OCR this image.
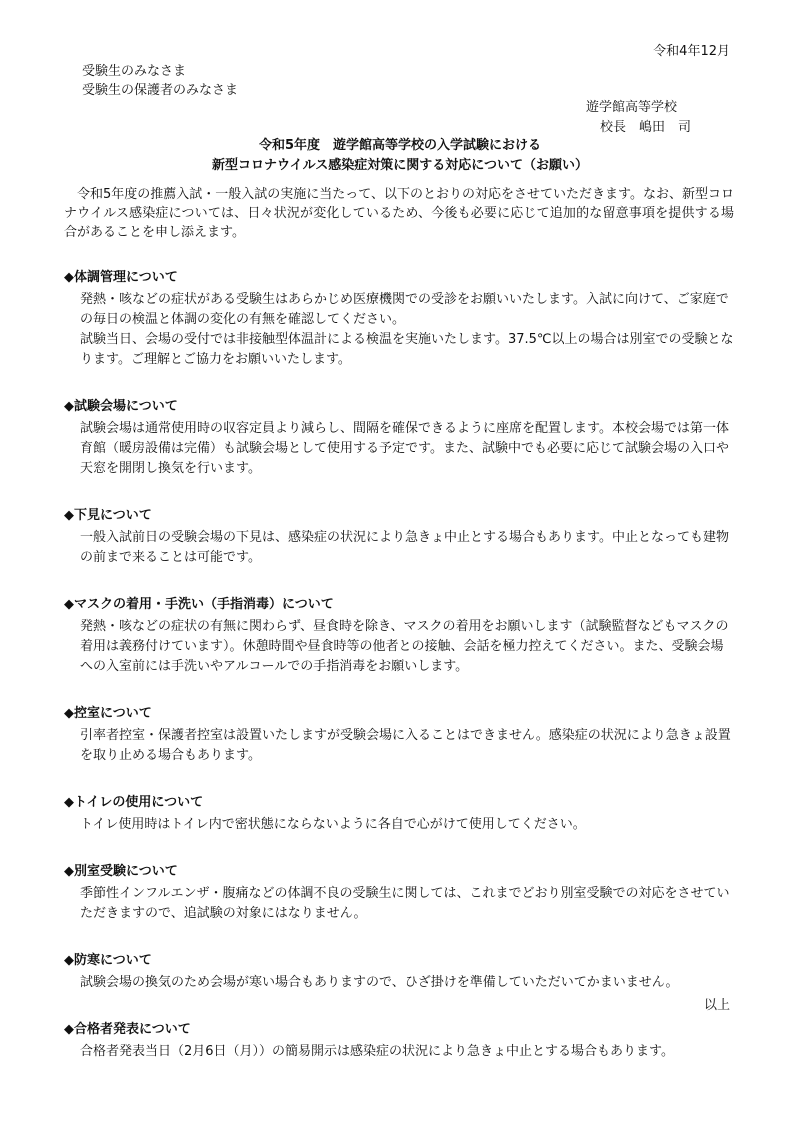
令和4年12月
受験生のみなさま
受験生の保護者のみなさま
遊学館高等学校
校長　嶋田　司
令和5年度　遊学館高等学校の入学試験における
新型コロナウイルス感染症対策に関する対応について（お願い）

令和5年度の推薦入試・一般入試の実施に当たって、以下のとおりの対応をさせていただきます。なお、新型コロナウイルス感染症については、日々状況が変化しているため、今後も必要に応じて追加的な留意事項を提供する場合があることを申し添えます。

◆体調管理について

発熱・咳などの症状がある受験生はあらかじめ医療機関での受診をお願いいたします。入試に向けて、ご家庭での毎日の検温と体調の変化の有無を確認してください。

試験当日、会場の受付では非接触型体温計による検温を実施いたします。37.5℃以上の場合は別室での受験となります。ご理解とご協力をお願いいたします。

◆試験会場について

試験会場は通常使用時の収容定員より減らし、間隔を確保できるように座席を配置します。本校会場では第一体育館（暖房設備は完備）も試験会場として使用する予定です。また、試験中でも必要に応じて試験会場の入口や天窓を開閉し換気を行います。

◆下見について

一般入試前日の受験会場の下見は、感染症の状況により急きょ中止とする場合もあります。中止となっても建物の前まで来ることは可能です。

◆マスクの着用・手洗い（手指消毒）について

発熱・咳などの症状の有無に関わらず、昼食時を除き、マスクの着用をお願いします（試験監督などもマスクの着用は義務付けています）。休憩時間や昼食時等の他者との接触、会話を極力控えてください。また、受験会場への入室前には手洗いやアルコールでの手指消毒をお願いします。

◆控室について

引率者控室・保護者控室は設置いたしますが受験会場に入ることはできません。感染症の状況により急きょ設置を取り止める場合もあります。

◆トイレの使用について

トイレ使用時はトイレ内で密状態にならないように各自で心がけて使用してください。

◆別室受験について

季節性インフルエンザ・腹痛などの体調不良の受験生に関しては、これまでどおり別室受験での対応をさせていただきますので、追試験の対象にはなりません。

◆防寒について

試験会場の換気のため会場が寒い場合もありますので、ひざ掛けを準備していただいてかまいません。

◆合格者発表について

合格者発表当日（2月6日（月））の簡易開示は感染症の状況により急きょ中止とする場合もあります。

以上
